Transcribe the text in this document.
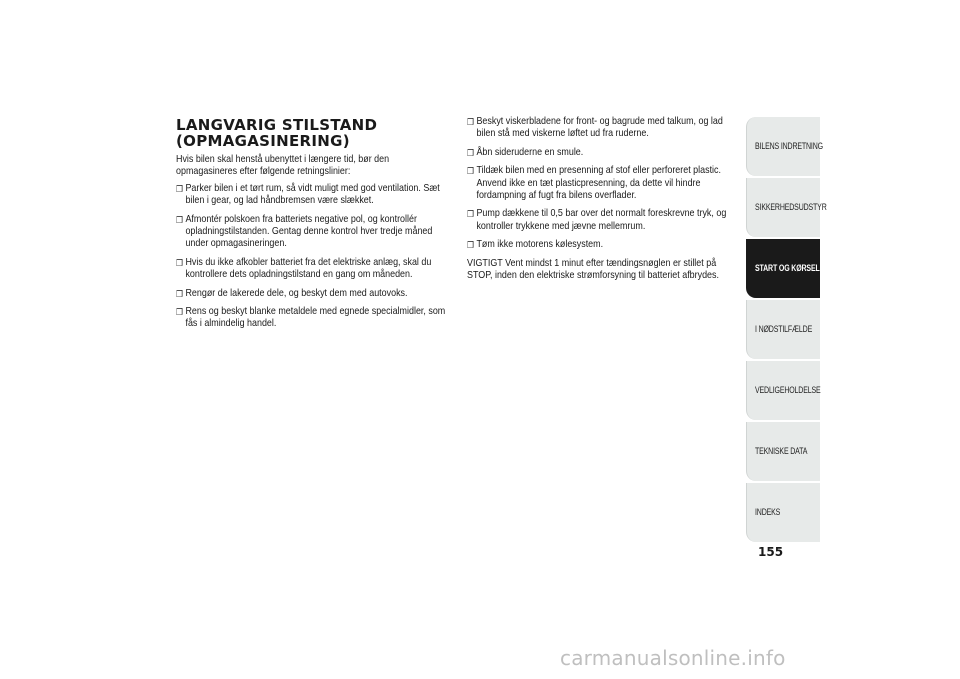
LANGVARIG STILSTAND
(OPMAGASINERING)

Hvis bilen skal henstå ubenyttet i længere tid, bør den opmagasineres efter følgende retningslinier:

❒ Parker bilen i et tørt rum, så vidt muligt med god ventilation. Sæt bilen i gear, og lad håndbremsen være slækket.
❒ Afmontér polskoen fra batteriets negative pol, og kontrollér opladningstilstanden. Gentag denne kontrol hver tredje måned under opmagasineringen.
❒ Hvis du ikke afkobler batteriet fra det elektriske anlæg, skal du kontrollere dets opladningstilstand en gang om måneden.
❒ Rengør de lakerede dele, og beskyt dem med autovoks.
❒ Rens og beskyt blanke metaldele med egnede specialmidler, som fås i almindelig handel.
❒ Beskyt viskerbladene for front- og bagrude med talkum, og lad bilen stå med viskerne løftet ud fra ruderne.
❒ Åbn sideruderne en smule.
❒ Tildæk bilen med en presenning af stof eller perforeret plastic. Anvend ikke en tæt plasticpresenning, da dette vil hindre fordampning af fugt fra bilens overflader.
❒ Pump dækkene til 0,5 bar over det normalt foreskrevne tryk, og kontroller trykkene med jævne mellemrum.
❒ Tøm ikke motorens kølesystem.

VIGTIGT Vent mindst 1 minut efter tændingsnøglen er stillet på STOP, inden den elektriske strømforsyning til batteriet afbrydes.

BILENS INDRETNING
SIKKERHEDSUDSTYR
START OG KØRSEL
I NØDSTILFÆLDE
VEDLIGEHOLDELSE
TEKNISKE DATA
INDEKS
155
carmanualsonline.info
